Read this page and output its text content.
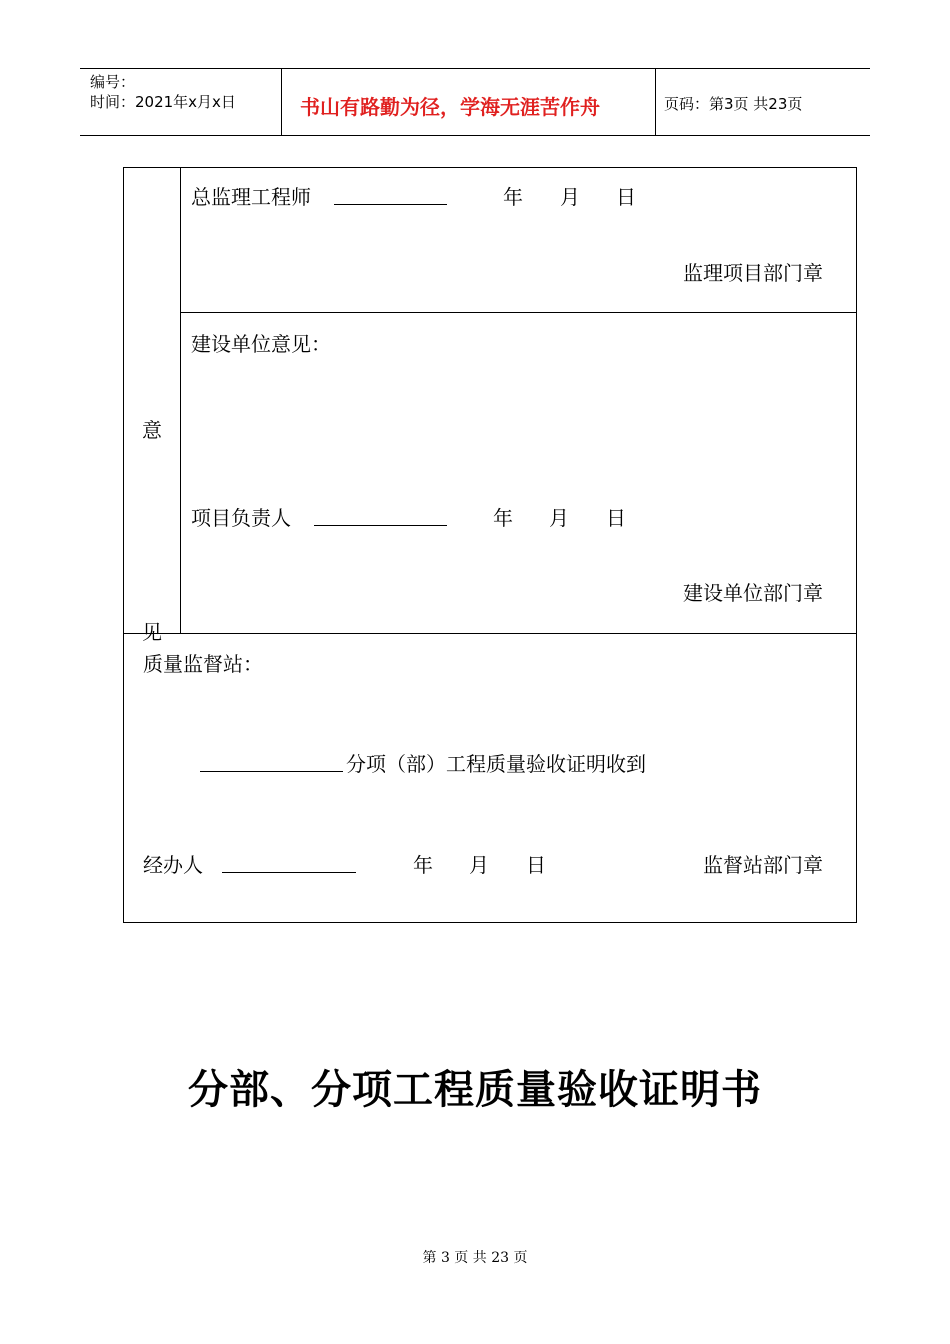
编号：
时间：2021年x月x日	书山有路勤为径，学海无涯苦作舟	页码：第3页 共23页
意
见
总监理工程师	年 月 日
监理项目部门章
建设单位意见：
项目负责人	年 月 日
建设单位部门章
质量监督站：
分项（部）工程质量验收证明收到
经办人	年 月 日	监督站部门章
分部、分项工程质量验收证明书
第 3 页 共 23 页
